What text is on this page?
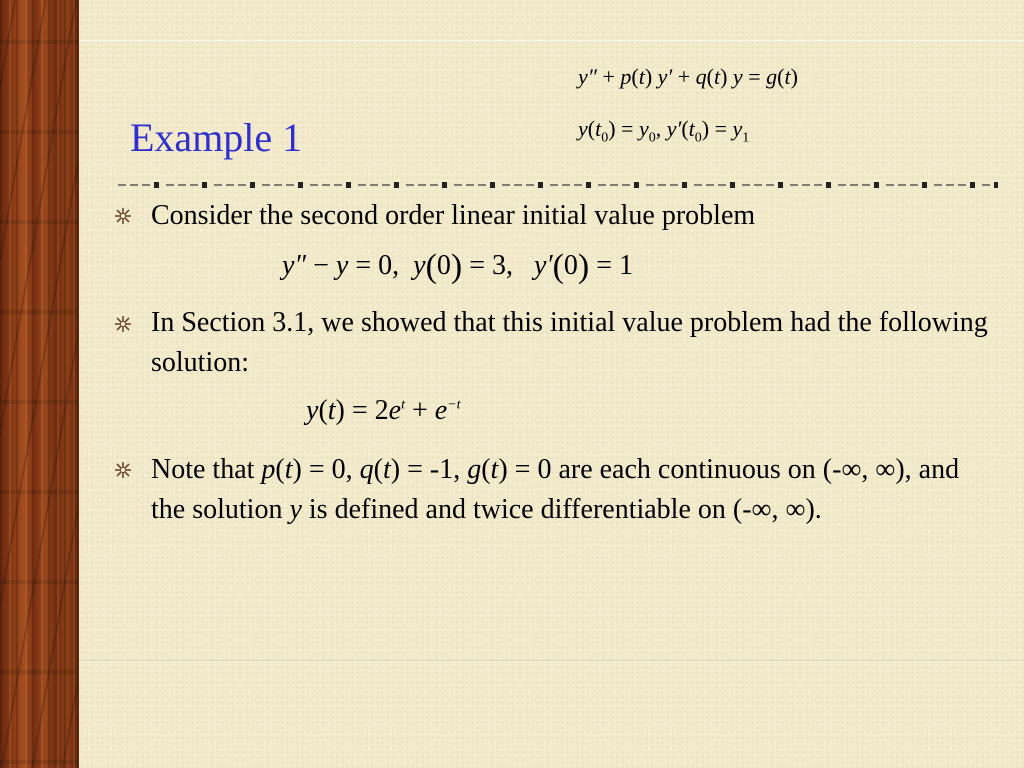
Example 1
y″ + p(t) y′ + q(t) y = g(t)
$y(t_0) = y_0$, $y'(t_0) = y_1$
Consider the second order linear initial value problem
y″ − y = 0,  y(0) = 3,   y′(0) = 1
In Section 3.1, we showed that this initial value problem had the following solution:
$y(t) = 2e^t + e^{-t}$
Note that p(t) = 0, q(t) = -1, g(t) = 0 are each continuous on (-∞, ∞), and the solution y is defined and twice differentiable on (-∞, ∞).
